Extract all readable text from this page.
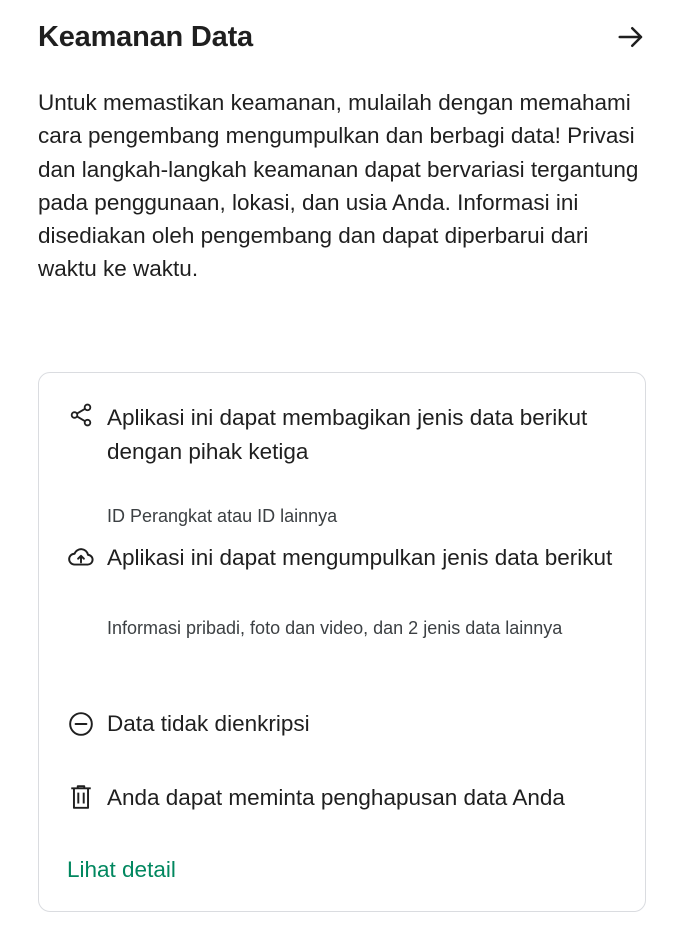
Keamanan Data

Untuk memastikan keamanan, mulailah dengan memahami cara pengembang mengumpulkan dan berbagi data! Privasi dan langkah-langkah keamanan dapat bervariasi tergantung pada penggunaan, lokasi, dan usia Anda. Informasi ini disediakan oleh pengembang dan dapat diperbarui dari waktu ke waktu.

Aplikasi ini dapat membagikan jenis data berikut dengan pihak ketiga
ID Perangkat atau ID lainnya
Aplikasi ini dapat mengumpulkan jenis data berikut
Informasi pribadi, foto dan video, dan 2 jenis data lainnya
Data tidak dienkripsi
Anda dapat meminta penghapusan data Anda
Lihat detail
